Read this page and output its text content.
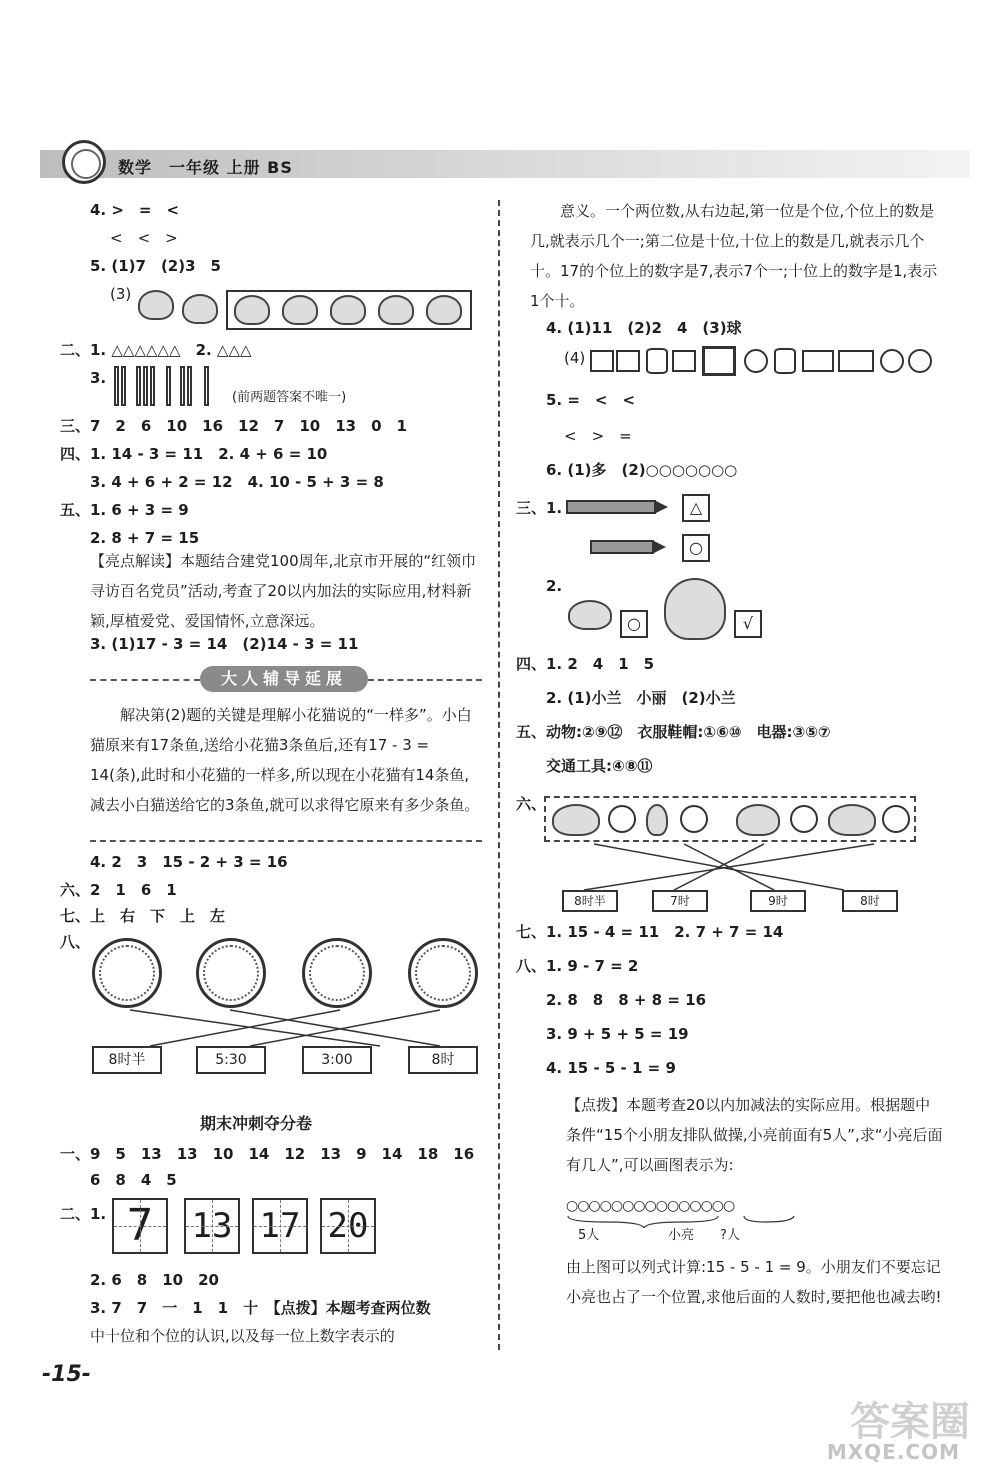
数学　一年级 上册 BS
4. >　=　<
<　<　>
5. (1)7　(2)3　5
(3)
二、1. △△△△△△　2. △△△
3.
(前两题答案不唯一)
三、7　2　6　10　16　12　7　10　13　0　1
四、1. 14 - 3 = 11　2. 4 + 6 = 10
3. 4 + 6 + 2 = 12　4. 10 - 5 + 3 = 8
五、1. 6 + 3 = 9
2. 8 + 7 = 15
【亮点解读】本题结合建党100周年,北京市开展的“红领巾寻访百名党员”活动,考查了20以内加法的实际应用,材料新颖,厚植爱党、爱国情怀,立意深远。
3. (1)17 - 3 = 14　(2)14 - 3 = 11
大人辅导延展
解决第(2)题的关键是理解小花猫说的“一样多”。小白猫原来有17条鱼,送给小花猫3条鱼后,还有17 - 3 = 14(条),此时和小花猫的一样多,所以现在小花猫有14条鱼,减去小白猫送给它的3条鱼,就可以求得它原来有多少条鱼。
4. 2　3　15 - 2 + 3 = 16
六、2　1　6　1
七、上　右　下　上　左
八、
8时半	5:30	3:00	8时
期末冲刺夺分卷
一、9　5　13　13　10　14　12　13　9　14　18　16
6　8　4　5
二、1. 7	13 17 20
2. 6　8　10　20
3. 7　7　一　1　1　十　【点拨】本题考查两位数
中十位和个位的认识,以及每一位上数字表示的
意义。一个两位数,从右边起,第一位是个位,个位上的数是几,就表示几个一;第二位是十位,十位上的数是几,就表示几个十。17的个位上的数字是7,表示7个一;十位上的数字是1,表示1个十。
4. (1)11　(2)2　4　(3)球
(4)
5. =　<　<
<　>　=
6. (1)多　(2)○○○○○○○
三、1.	△
○
2.
○	√
四、1. 2　4　1　5
2. (1)小兰　小丽　(2)小兰
五、动物:②⑨⑫　衣服鞋帽:①⑥⑩　电器:③⑤⑦
交通工具:④⑧⑪
六、
8时半	7时	9时	8时
七、1. 15 - 4 = 11　2. 7 + 7 = 14
八、1. 9 - 7 = 2
2. 8　8　8 + 8 = 16
3. 9 + 5 + 5 = 19
4. 15 - 5 - 1 = 9
【点拨】本题考查20以内加减法的实际应用。根据题中条件“15个小朋友排队做操,小亮前面有5人”,求“小亮后面有几人”,可以画图表示为:
○○○○○○○○○○○○○○○
5人	小亮 ?人
由上图可以列式计算:15 - 5 - 1 = 9。小朋友们不要忘记小亮也占了一个位置,求他后面的人数时,要把他也减去哟!
-15-
答案圈
MXQE.COM
